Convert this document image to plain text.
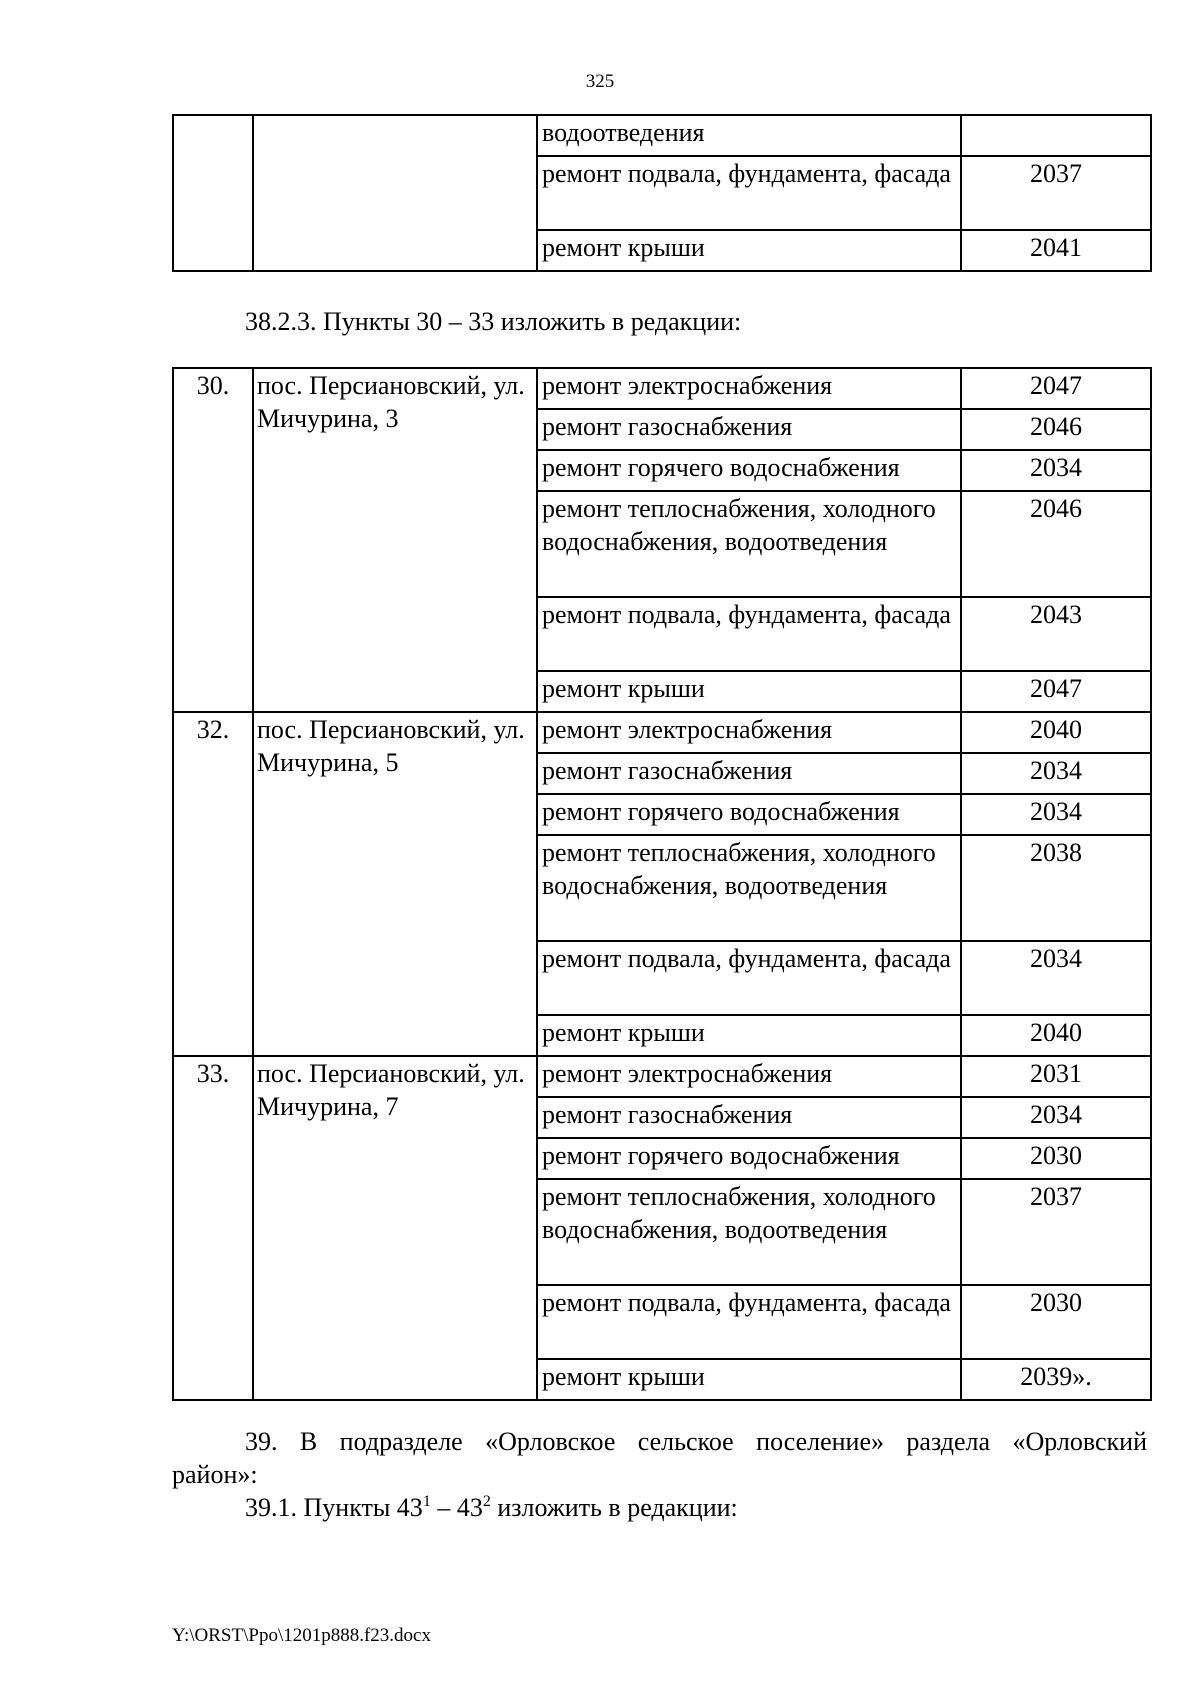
325
		водоотведения	
		ремонт подвала, фундамента, фасада	2037
		ремонт крыши	2041
38.2.3. Пункты 30 – 33 изложить в редакции:
30.	пос. Персиановский, ул. Мичурина, 3	ремонт электроснабжения	2047
		ремонт газоснабжения	2046
		ремонт горячего водоснабжения	2034
		ремонт теплоснабжения, холодного водоснабжения, водоотведения	2046
		ремонт подвала, фундамента, фасада	2043
		ремонт крыши	2047
32.	пос. Персиановский, ул. Мичурина, 5	ремонт электроснабжения	2040
		ремонт газоснабжения	2034
		ремонт горячего водоснабжения	2034
		ремонт теплоснабжения, холодного водоснабжения, водоотведения	2038
		ремонт подвала, фундамента, фасада	2034
		ремонт крыши	2040
33.	пос. Персиановский, ул. Мичурина, 7	ремонт электроснабжения	2031
		ремонт газоснабжения	2034
		ремонт горячего водоснабжения	2030
		ремонт теплоснабжения, холодного водоснабжения, водоотведения	2037
		ремонт подвала, фундамента, фасада	2030
		ремонт крыши	2039».
39. В подразделе «Орловское сельское поселение» раздела «Орловский район»:
39.1. Пункты $43^1 - 43^2$ изложить в редакции:
Y:\ORST\Ppo\1201p888.f23.docx
